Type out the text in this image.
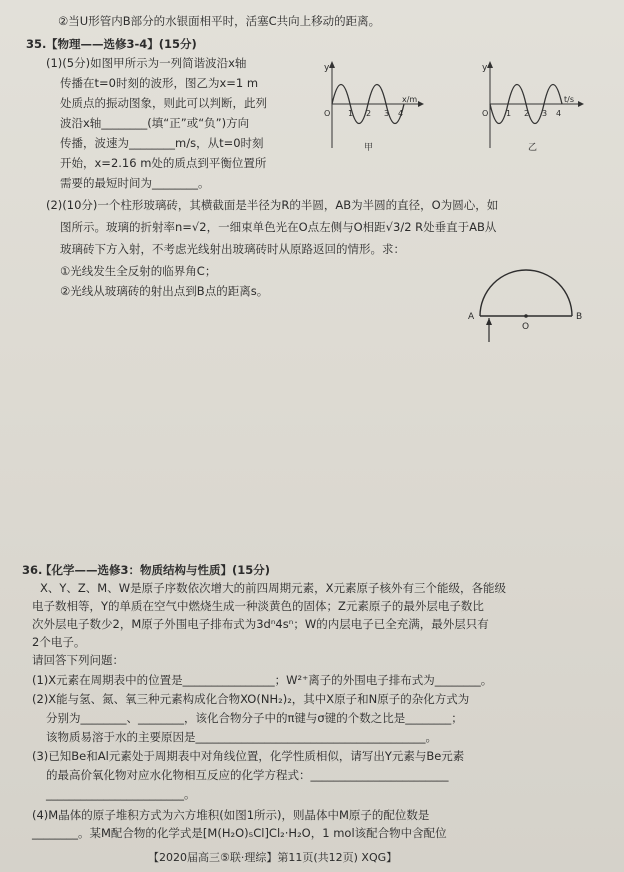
②当U形管内B部分的水银面相平时，活塞C共向上移动的距离。
35. 【物理——选修3-4】(15分)
(1)(5分)如图甲所示为一列简谐波沿x轴
传播在t=0时刻的波形，图乙为x=1 m
处质点的振动图象，则此可以判断，此列
波沿x轴________(填“正”或“负”)方向
传播，波速为________m/s，从t=0时刻
开始，x=2.16 m处的质点到平衡位置所
需要的最短时间为________。
y
O 1 2 3 4
x/m
甲
y
O 1 2 3 4
t/s
乙
(2)(10分)一个柱形玻璃砖，其横截面是半径为R的半圆，AB为半圆的直径，O为圆心，如
图所示。玻璃的折射率n=√2，一细束单色光在O点左侧与O相距√3/2 R处垂直于AB从
玻璃砖下方入射，不考虑光线射出玻璃砖时从原路返回的情形。求：
①光线发生全反射的临界角C；
②光线从玻璃砖的射出点到B点的距离s。
A
O
B
36.
【化学——选修3：物质结构与性质】(15分)
X、Y、Z、M、W是原子序数依次增大的前四周期元素，X元素原子核外有三个能级，各能级
电子数相等，Y的单质在空气中燃烧生成一种淡黄色的固体；Z元素原子的最外层电子数比
次外层电子数少2，M原子外围电子排布式为3dⁿ4sⁿ；W的内层电子已全充满，最外层只有
2个电子。
请回答下列问题：
(1)X元素在周期表中的位置是________________；W²⁺离子的外围电子排布式为________。
(2)X能与氢、氮、氧三种元素构成化合物XO(NH₂)₂，其中X原子和N原子的杂化方式为
分别为________、________，该化合物分子中的π键与σ键的个数之比是________；
该物质易溶于水的主要原因是________________________________________。
(3)已知Be和Al元素处于周期表中对角线位置，化学性质相似，请写出Y元素与Be元素
的最高价氧化物对应水化物相互反应的化学方程式：________________________
________________________。
(4)M晶体的原子堆积方式为六方堆积(如图1所示)，则晶体中M原子的配位数是
________。某M配合物的化学式是[M(H₂O)₅Cl]Cl₂·H₂O，1 mol该配合物中含配位
【2020届高三⑤联·理综】第11页(共12页) XQG】
